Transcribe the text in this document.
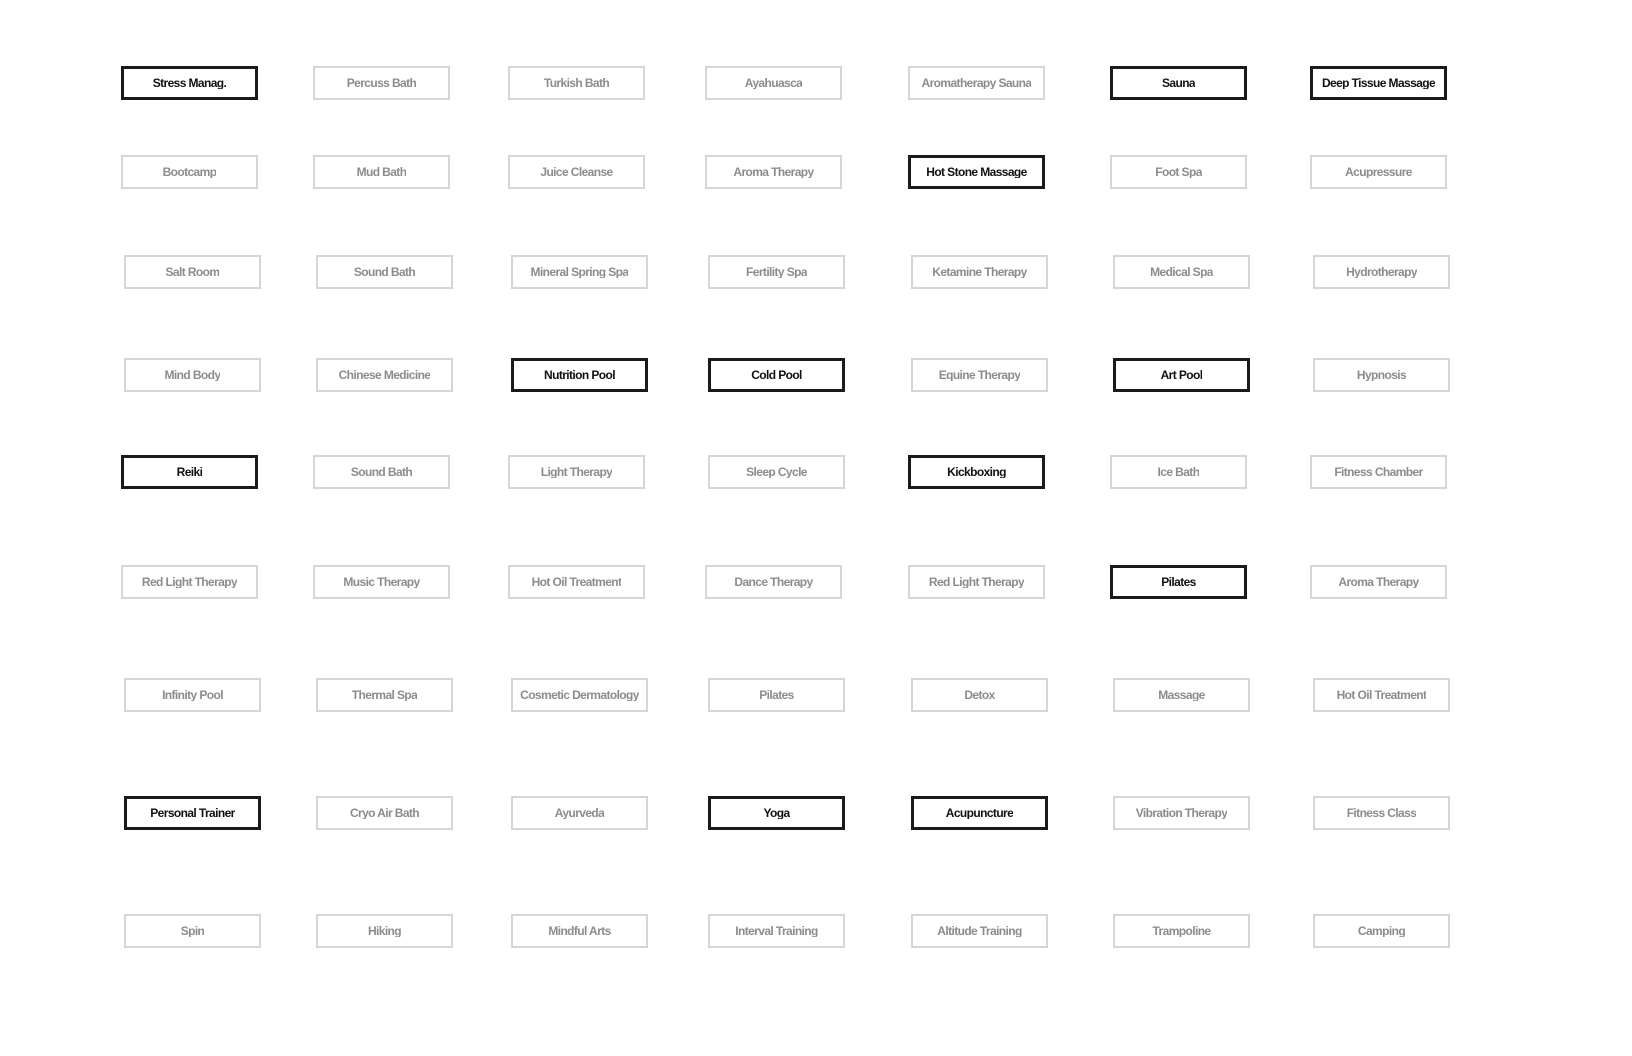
Stress Manag.	Percuss Bath	Turkish Bath	Ayahuasca	Aromatherapy Sauna	Sauna	Deep Tissue Massage
Bootcamp	Mud Bath	Juice Cleanse	Aroma Therapy	Hot Stone Massage	Foot Spa	Acupressure
Salt Room	Sound Bath	Mineral Spring Spa	Fertility Spa	Ketamine Therapy	Medical Spa	Hydrotherapy
Mind Body	Chinese Medicine	Nutrition Pool	Cold Pool	Equine Therapy	Art Pool	Hypnosis
Reiki	Sound Bath	Light Therapy	Sleep Cycle	Kickboxing	Ice Bath	Fitness Chamber
Red Light Therapy	Music Therapy	Hot Oil Treatment	Dance Therapy	Red Light Therapy	Pilates	Aroma Therapy
Infinity Pool	Thermal Spa	Cosmetic Dermatology	Pilates	Detox	Massage	Hot Oil Treatment
Personal Trainer	Cryo Air Bath	Ayurveda	Yoga	Acupuncture	Vibration Therapy	Fitness Class
Spin	Hiking	Mindful Arts	Interval Training	Altitude Training	Trampoline	Camping
